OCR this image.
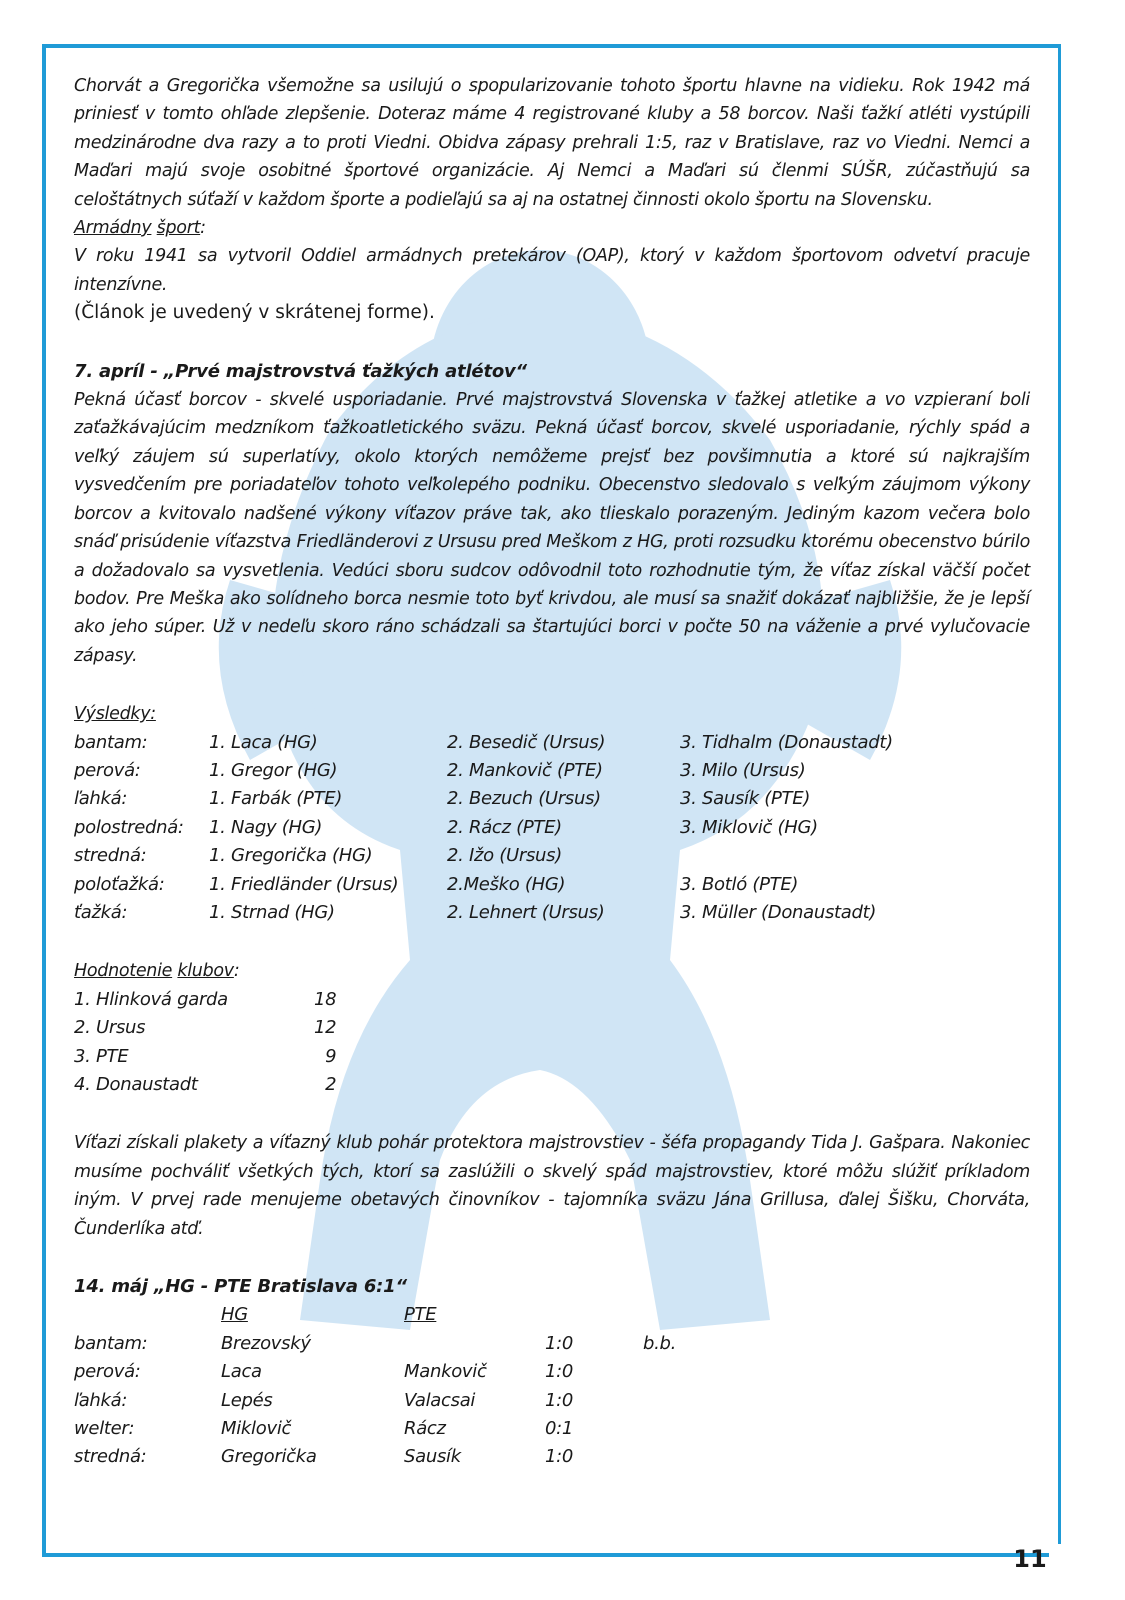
11

Chorvát a Gregorička všemožne sa usilujú o spopularizovanie tohoto športu hlavne na vidieku. Rok 1942 má priniesť v tomto ohľade zlepšenie. Doteraz máme 4 registrované kluby a 58 borcov. Naši ťažkí atléti vystúpili medzinárodne dva razy a to proti Viedni. Obidva zápasy prehrali 1:5, raz v Bratislave, raz vo Viedni. Nemci a Maďari majú svoje osobitné športové organizácie. Aj Nemci a Maďari sú členmi SÚŠR, zúčastňujú sa celoštátnych súťaží v každom športe a podieľajú sa aj na ostatnej činnosti okolo športu na Slovensku.

Armádny šport:

V roku 1941 sa vytvoril Oddiel armádnych pretekárov (OAP), ktorý v každom športovom odvetví pracuje intenzívne.

(Článok je uvedený v skrátenej forme).

7. apríl - „Prvé majstrovstvá ťažkých atlétov“

Pekná účasť borcov - skvelé usporiadanie. Prvé majstrovstvá Slovenska v ťažkej atletike a vo vzpieraní boli zaťažkávajúcim medzníkom ťažkoatletického sväzu. Pekná účasť borcov, skvelé usporiadanie, rýchly spád a veľký záujem sú superlatívy, okolo ktorých nemôžeme prejsť bez povšimnutia a ktoré sú najkrajším vysvedčením pre poriadateľov tohoto veľkolepého podniku. Obecenstvo sledovalo s veľkým záujmom výkony borcov a kvitovalo nadšené výkony víťazov práve tak, ako tlieskalo porazeným. Jediným kazom večera bolo snáď prisúdenie víťazstva Friedländerovi z Ursusu pred Meškom z HG, proti rozsudku ktorému obecenstvo búrilo a dožadovalo sa vysvetlenia. Vedúci sboru sudcov odôvodnil toto rozhodnutie tým, že víťaz získal väčší počet bodov. Pre Meška ako solídneho borca nesmie toto byť krivdou, ale musí sa snažiť dokázať najbližšie, že je lepší ako jeho súper. Už v nedeľu skoro ráno schádzali sa štartujúci borci v počte 50 na váženie a prvé vylučovacie zápasy.

Výsledky:

bantam:	1. Laca (HG)	2. Besedič (Ursus)	3. Tidhalm (Donaustadt)
perová:	1. Gregor (HG)	2. Mankovič (PTE)	3. Milo (Ursus)
ľahká:	1. Farbák (PTE)	2. Bezuch (Ursus)	3. Sausík (PTE)
polostredná:	1. Nagy (HG)	2. Rácz (PTE)	3. Miklovič (HG)
stredná:	1. Gregorička (HG)	2. Ižo (Ursus)	
poloťažká:	1. Friedländer (Ursus)	2.Meško (HG)	3. Botló (PTE)
ťažká:	1. Strnad (HG)	2. Lehnert (Ursus)	3. Müller (Donaustadt)

Hodnotenie klubov:

1. Hlinková garda	18
2. Ursus	12
3. PTE	9
4. Donaustadt	2

Víťazi získali plakety a víťazný klub pohár protektora majstrovstiev - šéfa propagandy Tida J. Gašpara. Nakoniec musíme pochváliť všetkých tých, ktorí sa zaslúžili o skvelý spád majstrovstiev, ktoré môžu slúžiť príkladom iným. V prvej rade menujeme obetavých činovníkov - tajomníka sväzu Jána Grillusa, ďalej Šišku, Chorváta, Čunderlíka atď.

14. máj „HG - PTE Bratislava 6:1“
	HG	PTE		
bantam:	Brezovský		1:0	b.b.
perová:	Laca	Mankovič	1:0	
ľahká:	Lepés	Valacsai	1:0	
welter:	Miklovič	Rácz	0:1	
stredná:	Gregorička	Sausík	1:0	
